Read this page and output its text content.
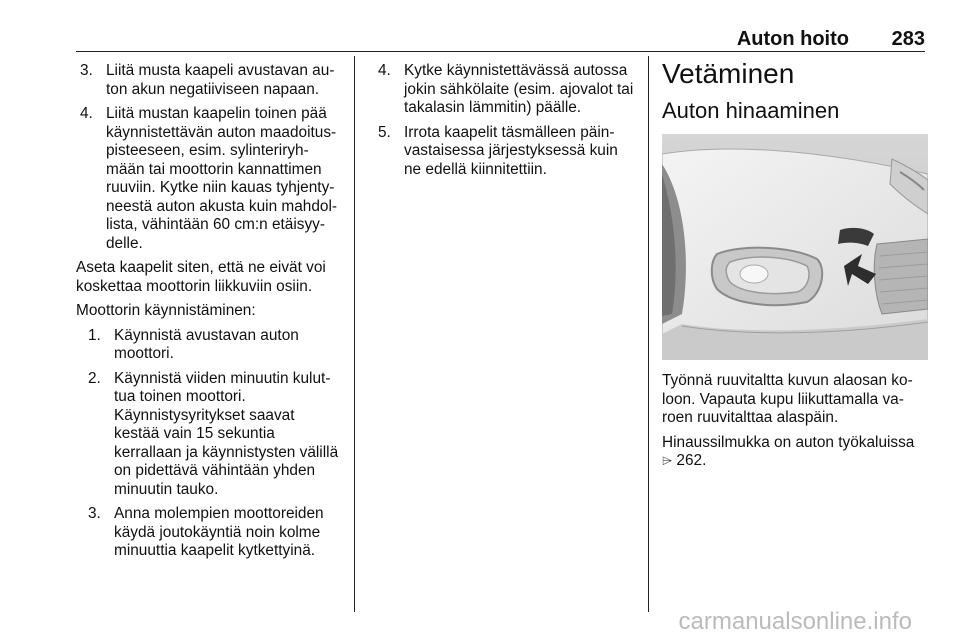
Auton hoito 283
3. Liitä musta kaapeli avustavan auton akun negatiiviseen napaan.
4. Liitä mustan kaapelin toinen pää käynnistettävän auton maadoituspisteeseen, esim. sylinteriryhmään tai moottorin kannattimen ruuviin. Kytke niin kauas tyhjentyneestä auton akusta kuin mahdollista, vähintään 60 cm:n etäisyydelle.

Aseta kaapelit siten, että ne eivät voi koskettaa moottorin liikkuviin osiin.

Moottorin käynnistäminen:

1. Käynnistä avustavan auton moottori.
2. Käynnistä viiden minuutin kuluttua toinen moottori. Käynnistysyritykset saavat kestää vain 15 sekuntia kerrallaan ja käynnistysten välillä on pidettävä vähintään yhden minuutin tauko.
3. Anna molempien moottoreiden käydä joutokäyntiä noin kolme minuuttia kaapelit kytkettyinä.
4. Kytke käynnistettävässä autossa jokin sähkölaite (esim. ajovalot tai takalasin lämmitin) päälle.
5. Irrota kaapelit täsmälleen päinvastaisessa järjestyksessä kuin ne edellä kiinnitettiin.
Vetäminen
Auton hinaaminen

Työnnä ruuvitaltta kuvun alaosan koloon. Vapauta kupu liikuttamalla varoen ruuvitalttaa alaspäin.

Hinaussilmukka on auton työkaluissa
⌲ 262.

carmanualsonline.info
